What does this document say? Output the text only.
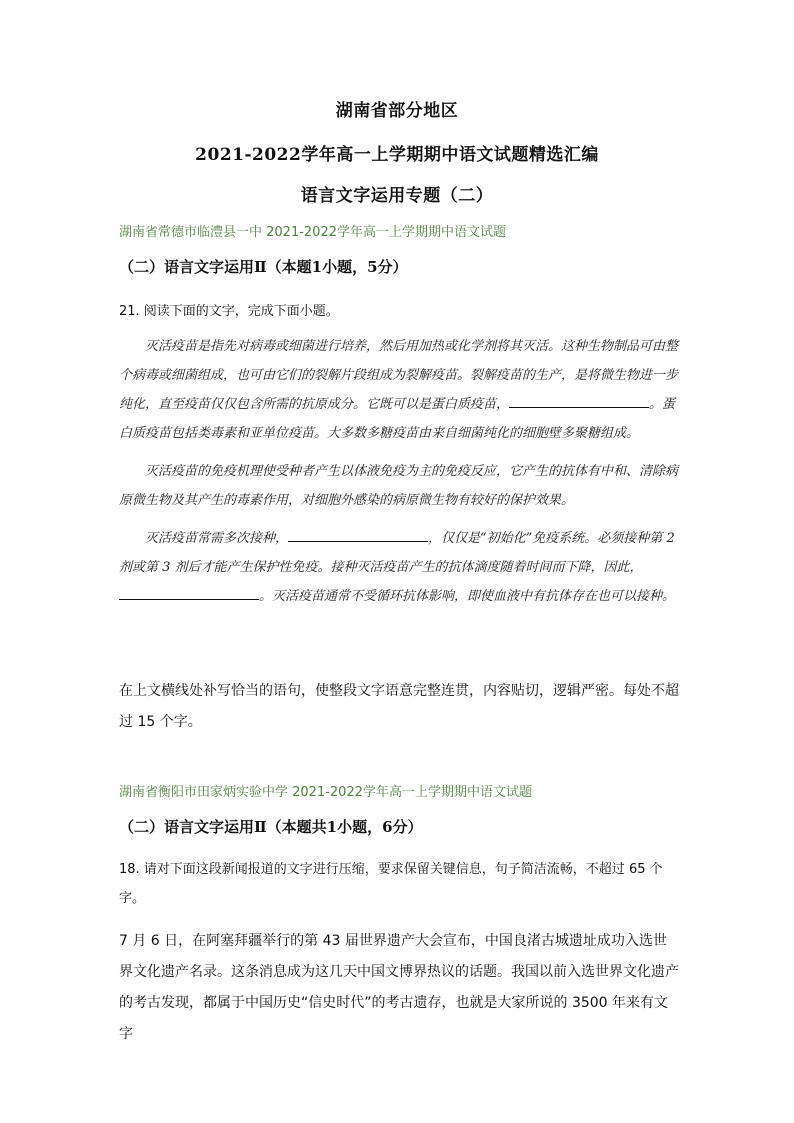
湖南省部分地区
2021-2022学年高一上学期期中语文试题精选汇编
语言文字运用专题（二）
湖南省常德市临澧县一中 2021-2022学年高一上学期期中语文试题
（二）语言文字运用Ⅱ（本题1小题，5分）
21. 阅读下面的文字，完成下面小题。

灭活疫苗是指先对病毒或细菌进行培养，然后用加热或化学剂将其灭活。这种生物制品可由整个病毒或细菌组成，也可由它们的裂解片段组成为裂解疫苗。裂解疫苗的生产，是将微生物进一步纯化，直至疫苗仅仅包含所需的抗原成分。它既可以是蛋白质疫苗，	。蛋白质疫苗包括类毒素和亚单位疫苗。大多数多糖疫苗由来自细菌纯化的细胞壁多聚糖组成。

灭活疫苗的免疫机理使受种者产生以体液免疫为主的免疫反应，它产生的抗体有中和、清除病原微生物及其产生的毒素作用，对细胞外感染的病原微生物有较好的保护效果。

灭活疫苗常需多次接种，	，仅仅是“初始化”免疫系统。必须接种第 2 剂或第 3 剂后才能产生保护性免疫。接种灭活疫苗产生的抗体滴度随着时间而下降，因此，。灭活疫苗通常不受循环抗体影响，即使血液中有抗体存在也可以接种。

在上文横线处补写恰当的语句，使整段文字语意完整连贯，内容贴切，逻辑严密。每处不超过 15 个字。
湖南省衡阳市田家炳实验中学 2021-2022学年高一上学期期中语文试题
（二）语言文字运用Ⅱ（本题共1小题，6分）
18. 请对下面这段新闻报道的文字进行压缩，要求保留关键信息，句子简洁流畅，不超过 65 个字。
7 月 6 日，在阿塞拜疆举行的第 43 届世界遗产大会宣布，中国良渚古城遗址成功入选世界文化遗产名录。这条消息成为这几天中国文博界热议的话题。我国以前入选世界文化遗产的考古发现，都属于中国历史“信史时代”的考古遗存，也就是大家所说的 3500 年来有文字
